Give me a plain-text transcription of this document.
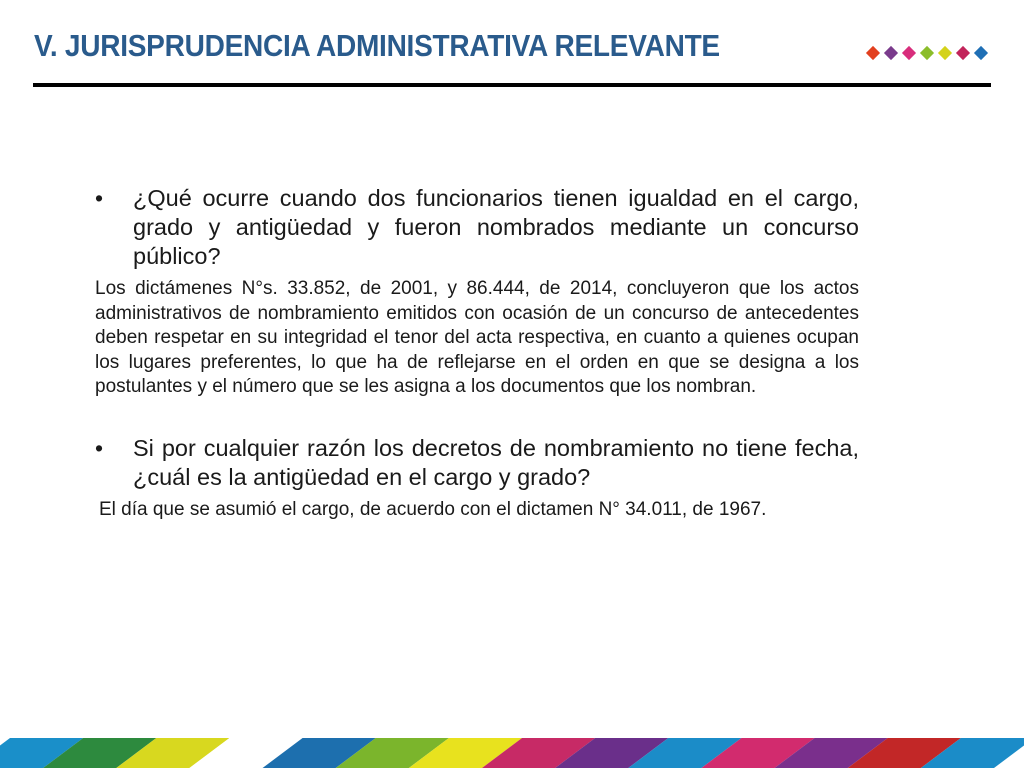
V. JURISPRUDENCIA ADMINISTRATIVA RELEVANTE
• ¿Qué ocurre cuando dos funcionarios tienen igualdad en el cargo, grado y antigüedad y fueron nombrados mediante un concurso público?
Los dictámenes N°s. 33.852, de 2001, y 86.444, de 2014, concluyeron que los actos administrativos de nombramiento emitidos con ocasión de un concurso de antecedentes deben respetar en su integridad el tenor del acta respectiva, en cuanto a quienes ocupan los lugares preferentes, lo que ha de reflejarse en el orden en que se designa a los postulantes y el número que se les asigna a los documentos que los nombran.
• Si por cualquier razón los decretos de nombramiento no tiene fecha, ¿cuál es la antigüedad en el cargo y grado?
El día que se asumió el cargo, de acuerdo con el dictamen N° 34.011, de 1967.
